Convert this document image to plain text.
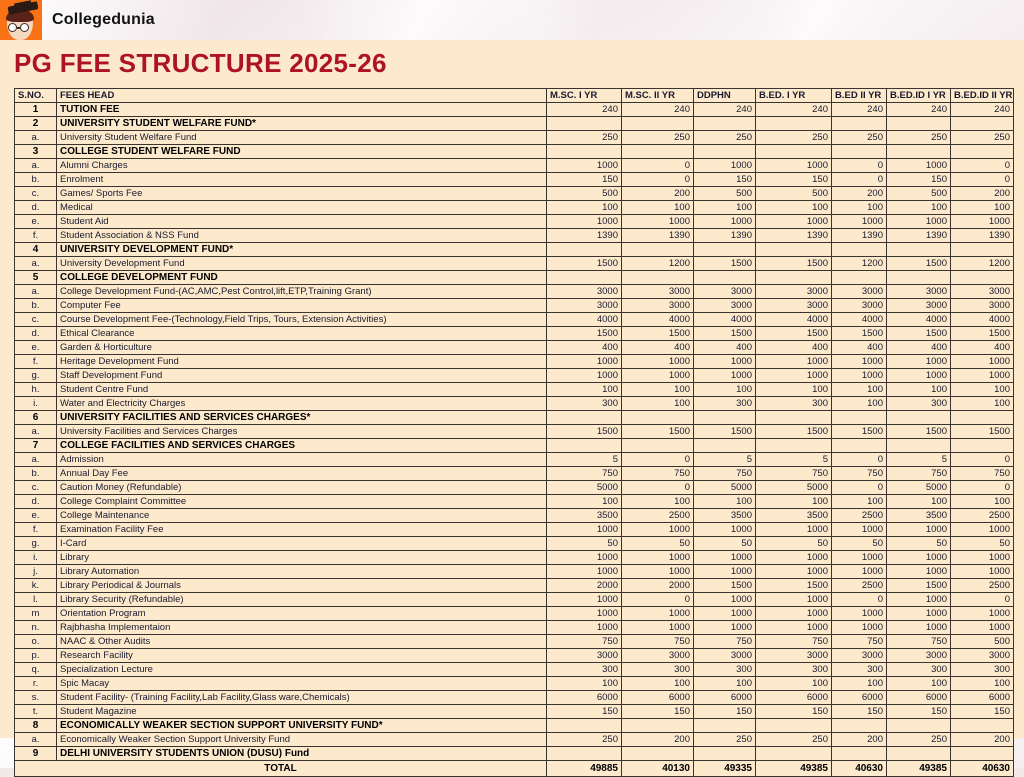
Collegedunia
PG FEE STRUCTURE 2025-26
S.NO.	FEES HEAD	M.SC. I YR	M.SC. II YR	DDPHN	B.ED. I YR	B.ED II YR	B.ED.ID I YR	B.ED.ID II YR
1	TUTION FEE	240	240	240	240	240	240	240
2	UNIVERSITY STUDENT WELFARE FUND*							
a.	University Student Welfare Fund	250	250	250	250	250	250	250
3	COLLEGE STUDENT WELFARE FUND							
a.	Alumni Charges	1000	0	1000	1000	0	1000	0
b.	Enrolment	150	0	150	150	0	150	0
c.	Games/ Sports Fee	500	200	500	500	200	500	200
d.	Medical	100	100	100	100	100	100	100
e.	Student Aid	1000	1000	1000	1000	1000	1000	1000
f.	Student Association & NSS Fund	1390	1390	1390	1390	1390	1390	1390
4	UNIVERSITY DEVELOPMENT FUND*							
a.	University Development Fund	1500	1200	1500	1500	1200	1500	1200
5	COLLEGE DEVELOPMENT FUND							
a.	College Development Fund-(AC,AMC,Pest Control,lift,ETP,Training Grant)	3000	3000	3000	3000	3000	3000	3000
b.	Computer Fee	3000	3000	3000	3000	3000	3000	3000
c.	Course Development Fee-(Technology,Field Trips, Tours, Extension Activities)	4000	4000	4000	4000	4000	4000	4000
d.	Ethical Clearance	1500	1500	1500	1500	1500	1500	1500
e.	Garden & Horticulture	400	400	400	400	400	400	400
f.	Heritage Development Fund	1000	1000	1000	1000	1000	1000	1000
g.	Staff Development Fund	1000	1000	1000	1000	1000	1000	1000
h.	Student Centre Fund	100	100	100	100	100	100	100
i.	Water and Electricity Charges	300	100	300	300	100	300	100
6	UNIVERSITY FACILITIES AND SERVICES CHARGES*							
a.	University Facilities and Services Charges	1500	1500	1500	1500	1500	1500	1500
7	COLLEGE FACILITIES AND SERVICES CHARGES							
a.	Admission	5	0	5	5	0	5	0
b.	Annual Day Fee	750	750	750	750	750	750	750
c.	Caution Money (Refundable)	5000	0	5000	5000	0	5000	0
d.	College Complaint Committee	100	100	100	100	100	100	100
e.	College Maintenance	3500	2500	3500	3500	2500	3500	2500
f.	Examination Facility Fee	1000	1000	1000	1000	1000	1000	1000
g.	I-Card	50	50	50	50	50	50	50
i.	Library	1000	1000	1000	1000	1000	1000	1000
j.	Library Automation	1000	1000	1000	1000	1000	1000	1000
k.	Library Periodical & Journals	2000	2000	1500	1500	2500	1500	2500
l.	Library Security (Refundable)	1000	0	1000	1000	0	1000	0
m	Orientation Program	1000	1000	1000	1000	1000	1000	1000
n.	Rajbhasha Implementaion	1000	1000	1000	1000	1000	1000	1000
o.	NAAC & Other Audits	750	750	750	750	750	750	500
p.	Research Facility	3000	3000	3000	3000	3000	3000	3000
q.	Specialization Lecture	300	300	300	300	300	300	300
r.	Spic Macay	100	100	100	100	100	100	100
s.	Student Facility- (Training Facility,Lab Facility,Glass ware,Chemicals)	6000	6000	6000	6000	6000	6000	6000
t.	Student Magazine	150	150	150	150	150	150	150
8	ECONOMICALLY WEAKER SECTION SUPPORT UNIVERSITY FUND*							
a.	Economically Weaker Section Support University Fund	250	200	250	250	200	250	200
9	DELHI UNIVERSITY STUDENTS UNION (DUSU) Fund							
TOTAL		49885	40130	49335	49385	40630	49385	40630
